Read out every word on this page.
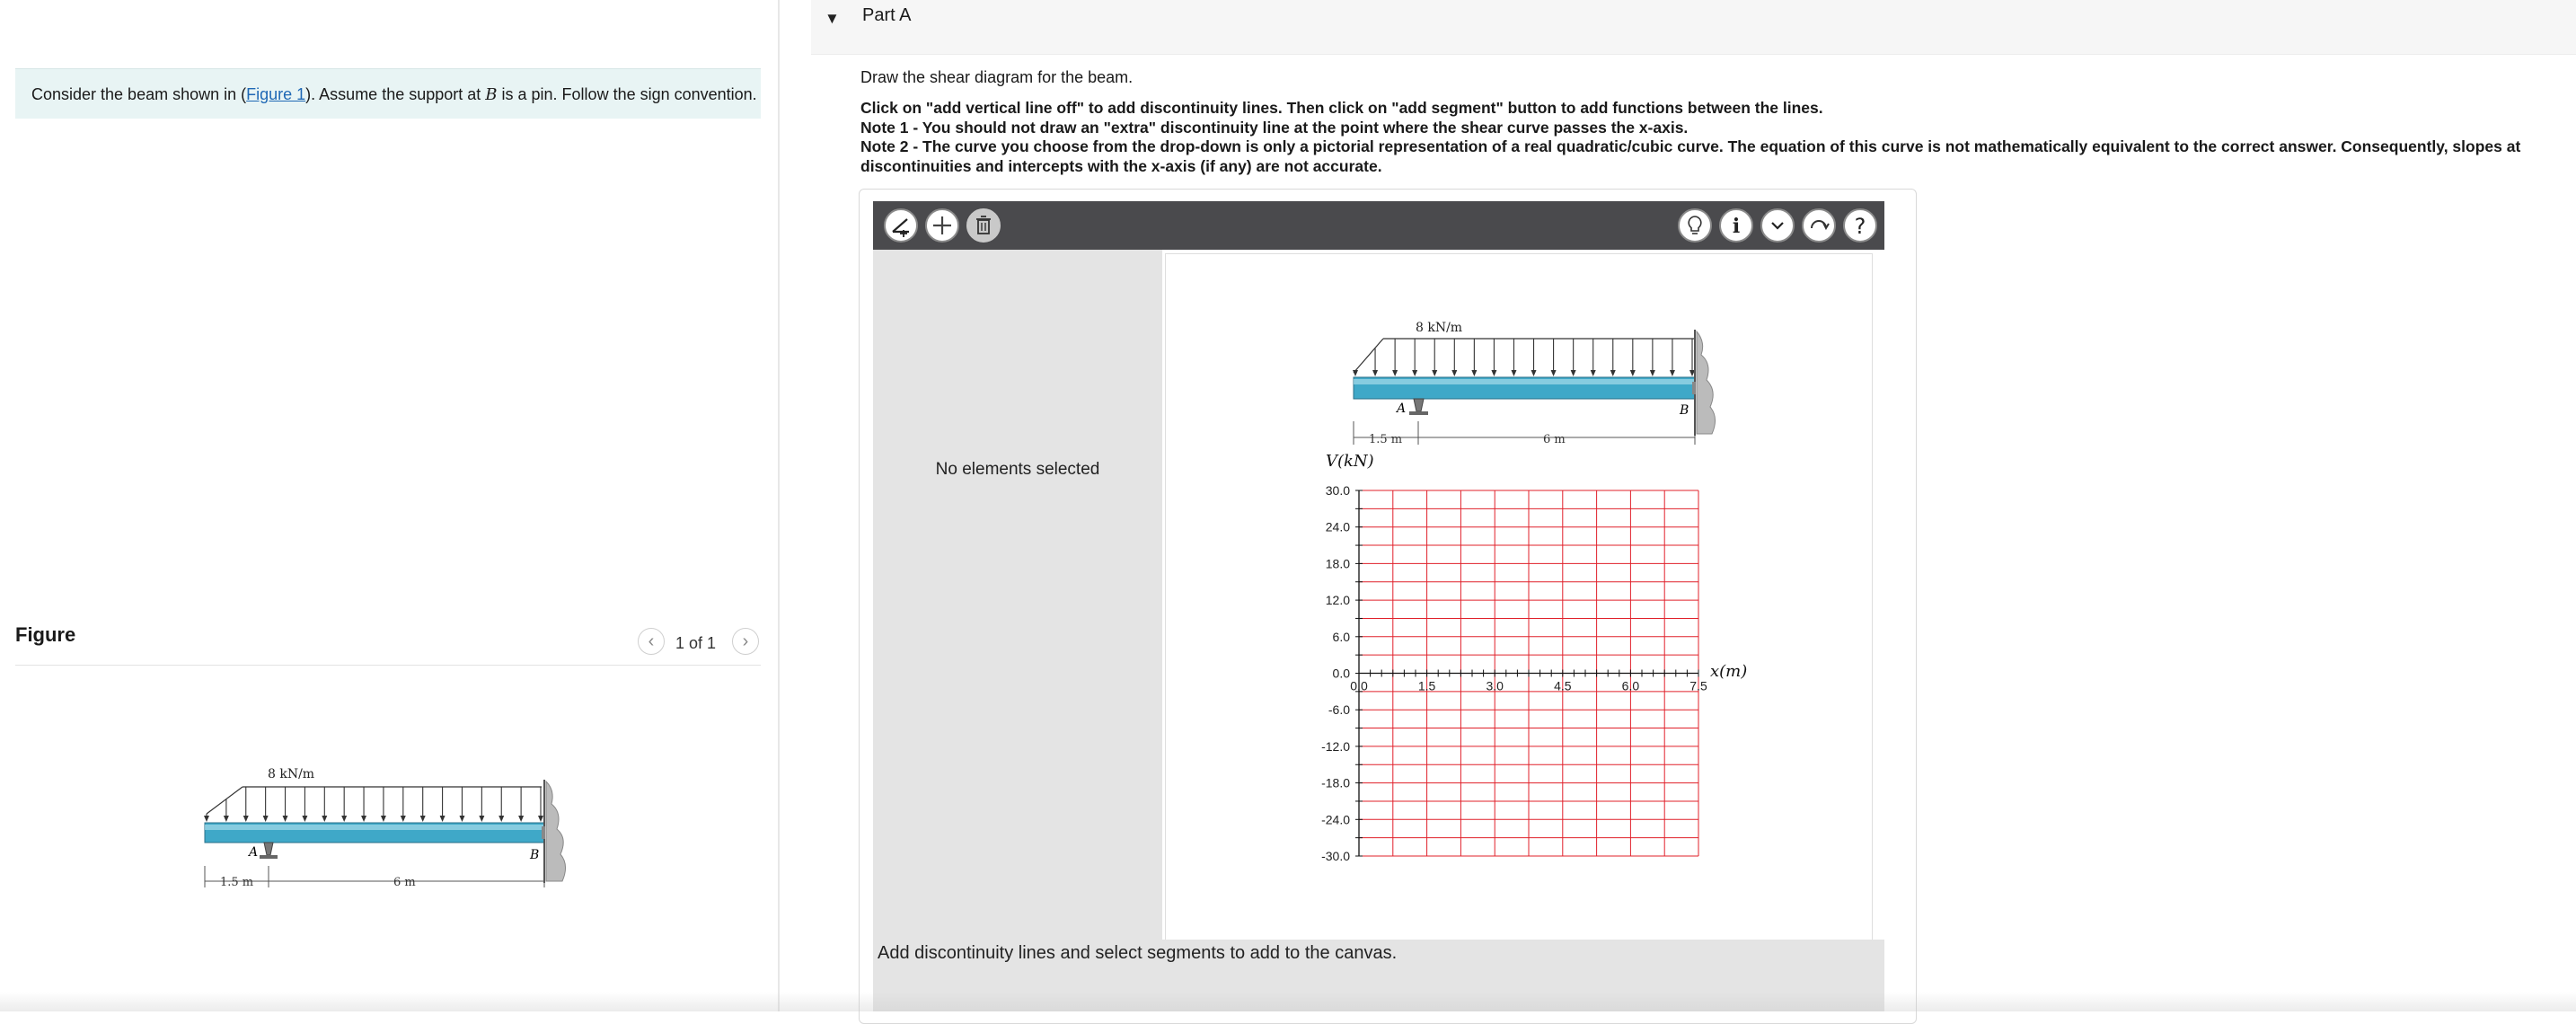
Consider the beam shown in (Figure 1). Assume the support at B is a pin. Follow the sign convention.
Figure	‹	1 of 1	›
8 kN/m
A	B
1.5 m	6 m
▼ Part A
Draw the shear diagram for the beam.
Click on "add vertical line off" to add discontinuity lines. Then click on "add segment" button to add functions between the lines.
Note 1 - You should not draw an "extra" discontinuity line at the point where the shear curve passes the x-axis.
Note 2 - The curve you choose from the drop-down is only a pictorial representation of a real quadratic/cubic curve. The equation of this curve is not mathematically equivalent to the correct answer. Consequently, slopes at discontinuities and intercepts with the x-axis (if any) are not accurate.
i	?
No elements selected
8 kN/m
A	B
1.5 m	6 m
30.0
24.0
18.0
12.0
6.0
0.0
-6.0
-12.0
-18.0
-24.0
-30.0
0.0	1.5	3.0	4.5	6.0	7.5
V(kN)
x(m)
Add discontinuity lines and select segments to add to the canvas.
